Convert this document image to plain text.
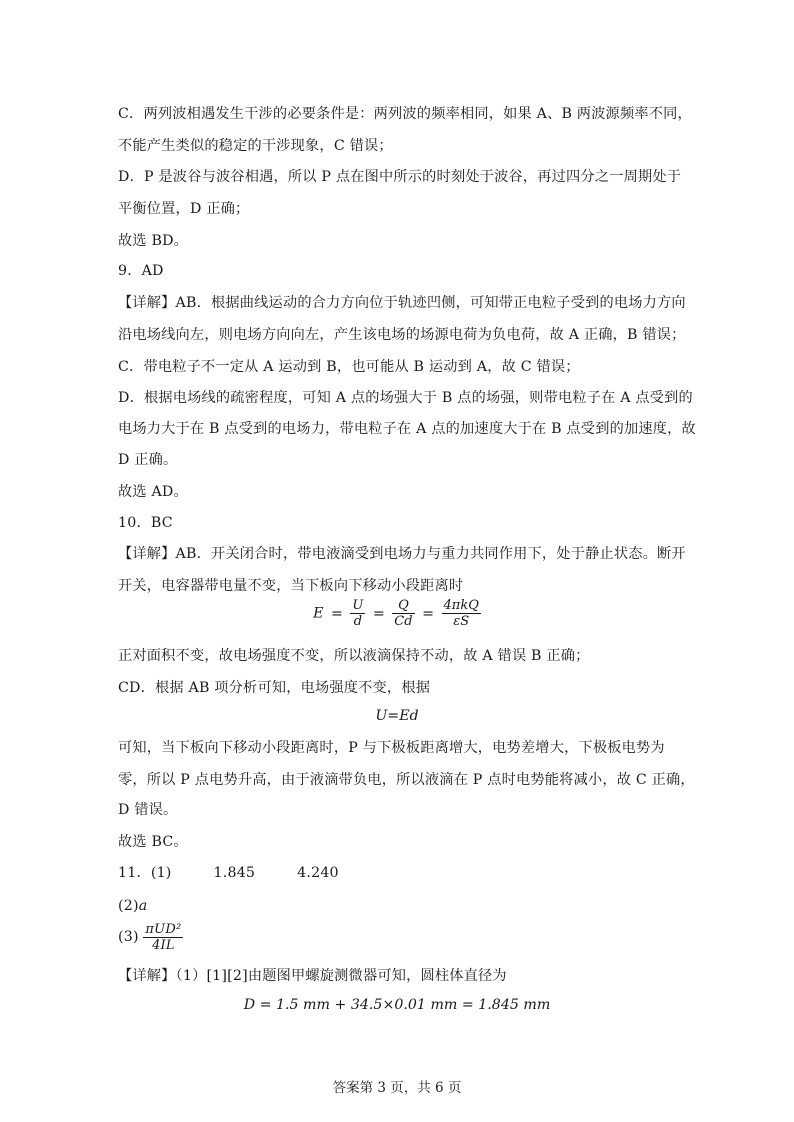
C．两列波相遇发生干涉的必要条件是：两列波的频率相同，如果 A、B 两波源频率不同，
不能产生类似的稳定的干涉现象，C 错误；
D．P 是波谷与波谷相遇，所以 P 点在图中所示的时刻处于波谷，再过四分之一周期处于
平衡位置，D 正确；
故选 BD。
9．AD
【详解】AB．根据曲线运动的合力方向位于轨迹凹侧，可知带正电粒子受到的电场力方向
沿电场线向左，则电场方向向左，产生该电场的场源电荷为负电荷，故 A 正确，B 错误；
C．带电粒子不一定从 A 运动到 B，也可能从 B 运动到 A，故 C 错误；
D．根据电场线的疏密程度，可知 A 点的场强大于 B 点的场强，则带电粒子在 A 点受到的
电场力大于在 B 点受到的电场力，带电粒子在 A 点的加速度大于在 B 点受到的加速度，故
D 正确。
故选 AD。
10．BC
【详解】AB．开关闭合时，带电液滴受到电场力与重力共同作用下，处于静止状态。断开
开关，电容器带电量不变，当下板向下移动小段距离时
$E = \frac{U}{d} = \frac{Q}{Cd} = \frac{\text{4πkQ}}{\varepsilon S}$
正对面积不变，故电场强度不变，所以液滴保持不动，故 A 错误 B 正确；
CD．根据 AB 项分析可知，电场强度不变，根据
U=Ed
可知，当下板向下移动小段距离时，P 与下极板距离增大，电势差增大，下极板电势为
零，所以 P 点电势升高，由于液滴带负电，所以液滴在 P 点时电势能将减小，故 C 正确，
D 错误。
故选 BC。
11．(1)	1.845	4.240
(2)a
$(3) \frac{\text{πUD²}}{4IL}$
【详解】（1）[1][2]由题图甲螺旋测微器可知，圆柱体直径为
D = 1.5 mm + 34.5×0.01 mm = 1.845 mm
答案第 3 页，共 6 页
